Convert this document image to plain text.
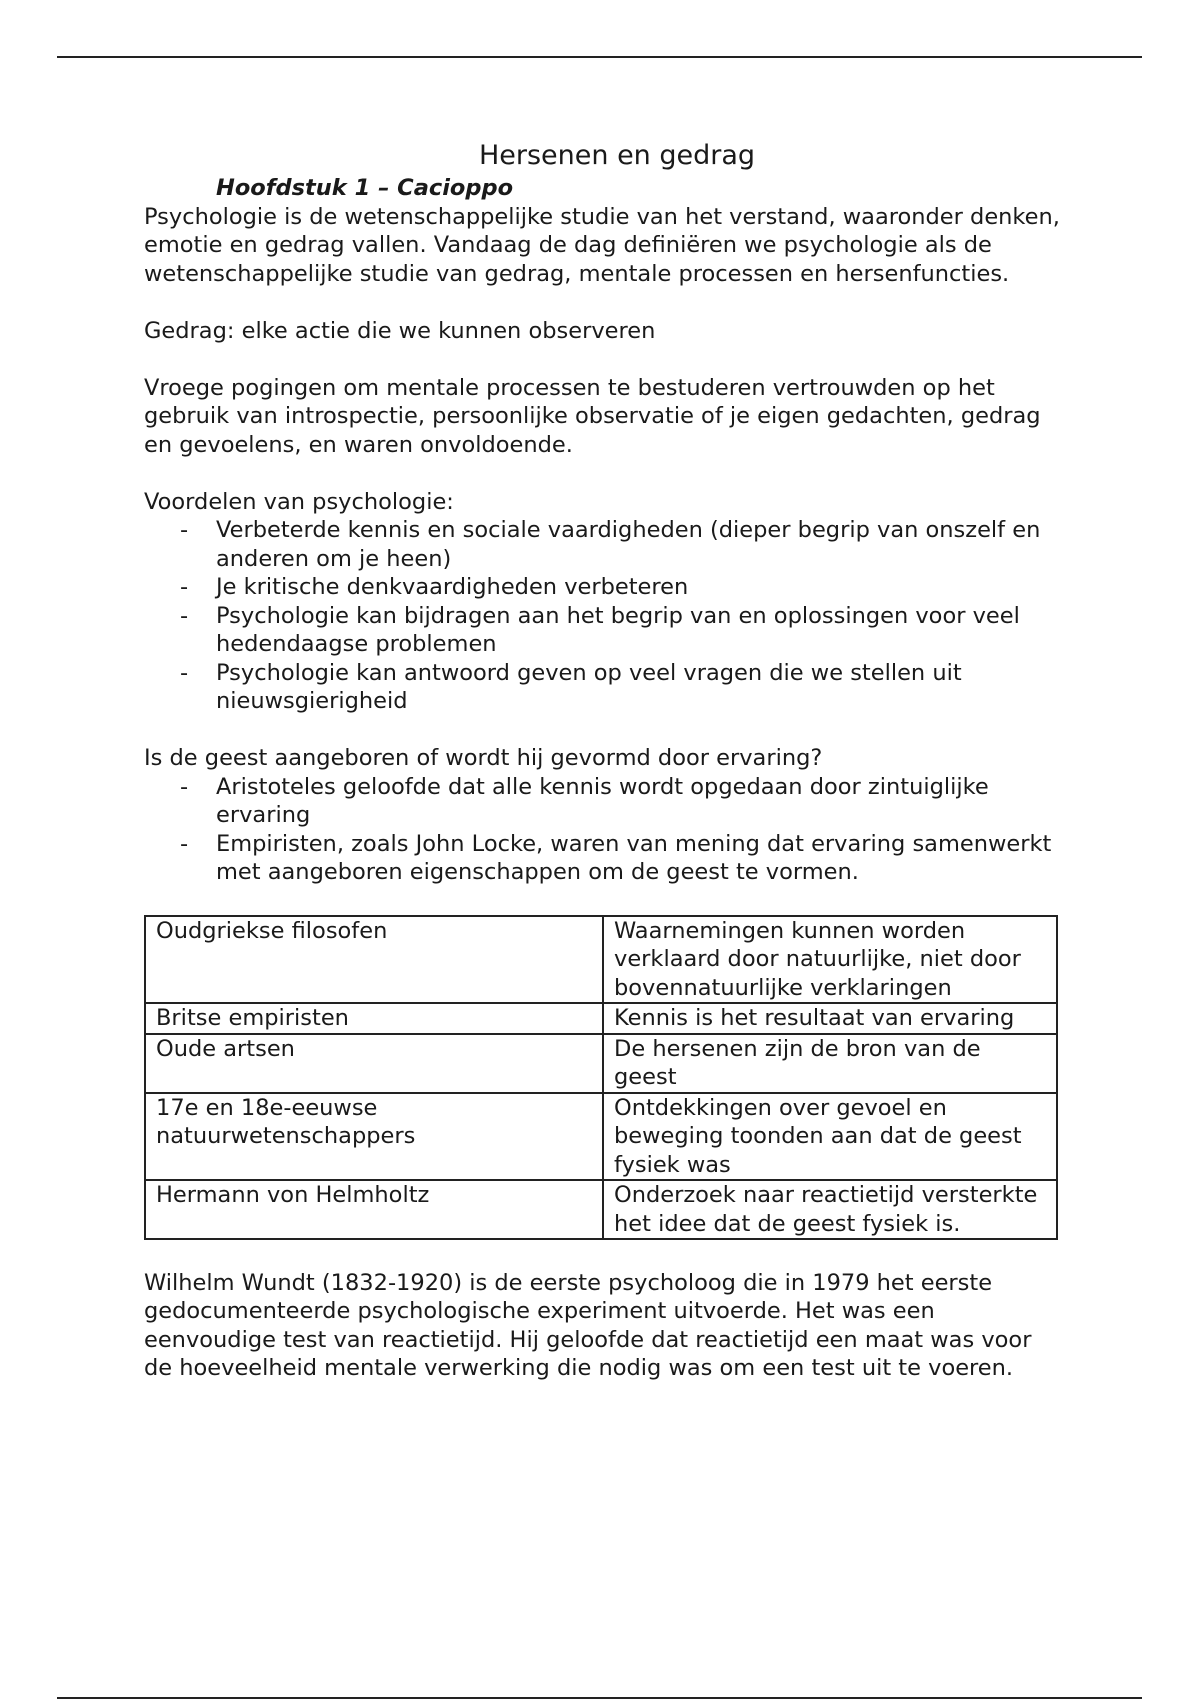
Hersenen en gedrag

Hoofdstuk 1 – Cacioppo

Psychologie is de wetenschappelijke studie van het verstand, waaronder denken, emotie en gedrag vallen. Vandaag de dag definiëren we psychologie als de wetenschappelijke studie van gedrag, mentale processen en hersenfuncties.

Gedrag: elke actie die we kunnen observeren

Vroege pogingen om mentale processen te bestuderen vertrouwden op het gebruik van introspectie, persoonlijke observatie of je eigen gedachten, gedrag en gevoelens, en waren onvoldoende.

Voordelen van psychologie:

- Verbeterde kennis en sociale vaardigheden (dieper begrip van onszelf en anderen om je heen)
- Je kritische denkvaardigheden verbeteren
- Psychologie kan bijdragen aan het begrip van en oplossingen voor veel hedendaagse problemen
- Psychologie kan antwoord geven op veel vragen die we stellen uit nieuwsgierigheid

Is de geest aangeboren of wordt hij gevormd door ervaring?

- Aristoteles geloofde dat alle kennis wordt opgedaan door zintuiglijke ervaring
- Empiristen, zoals John Locke, waren van mening dat ervaring samenwerkt met aangeboren eigenschappen om de geest te vormen.
Oudgriekse filosofen	Waarnemingen kunnen worden verklaard door natuurlijke, niet door bovennatuurlijke verklaringen
Britse empiristen	Kennis is het resultaat van ervaring
Oude artsen	De hersenen zijn de bron van de geest
17e en 18e-eeuwse natuurwetenschappers	Ontdekkingen over gevoel en beweging toonden aan dat de geest fysiek was
Hermann von Helmholtz	Onderzoek naar reactietijd versterkte het idee dat de geest fysiek is.

Wilhelm Wundt (1832-1920) is de eerste psycholoog die in 1979 het eerste gedocumenteerde psychologische experiment uitvoerde. Het was een eenvoudige test van reactietijd. Hij geloofde dat reactietijd een maat was voor de hoeveelheid mentale verwerking die nodig was om een test uit te voeren.
